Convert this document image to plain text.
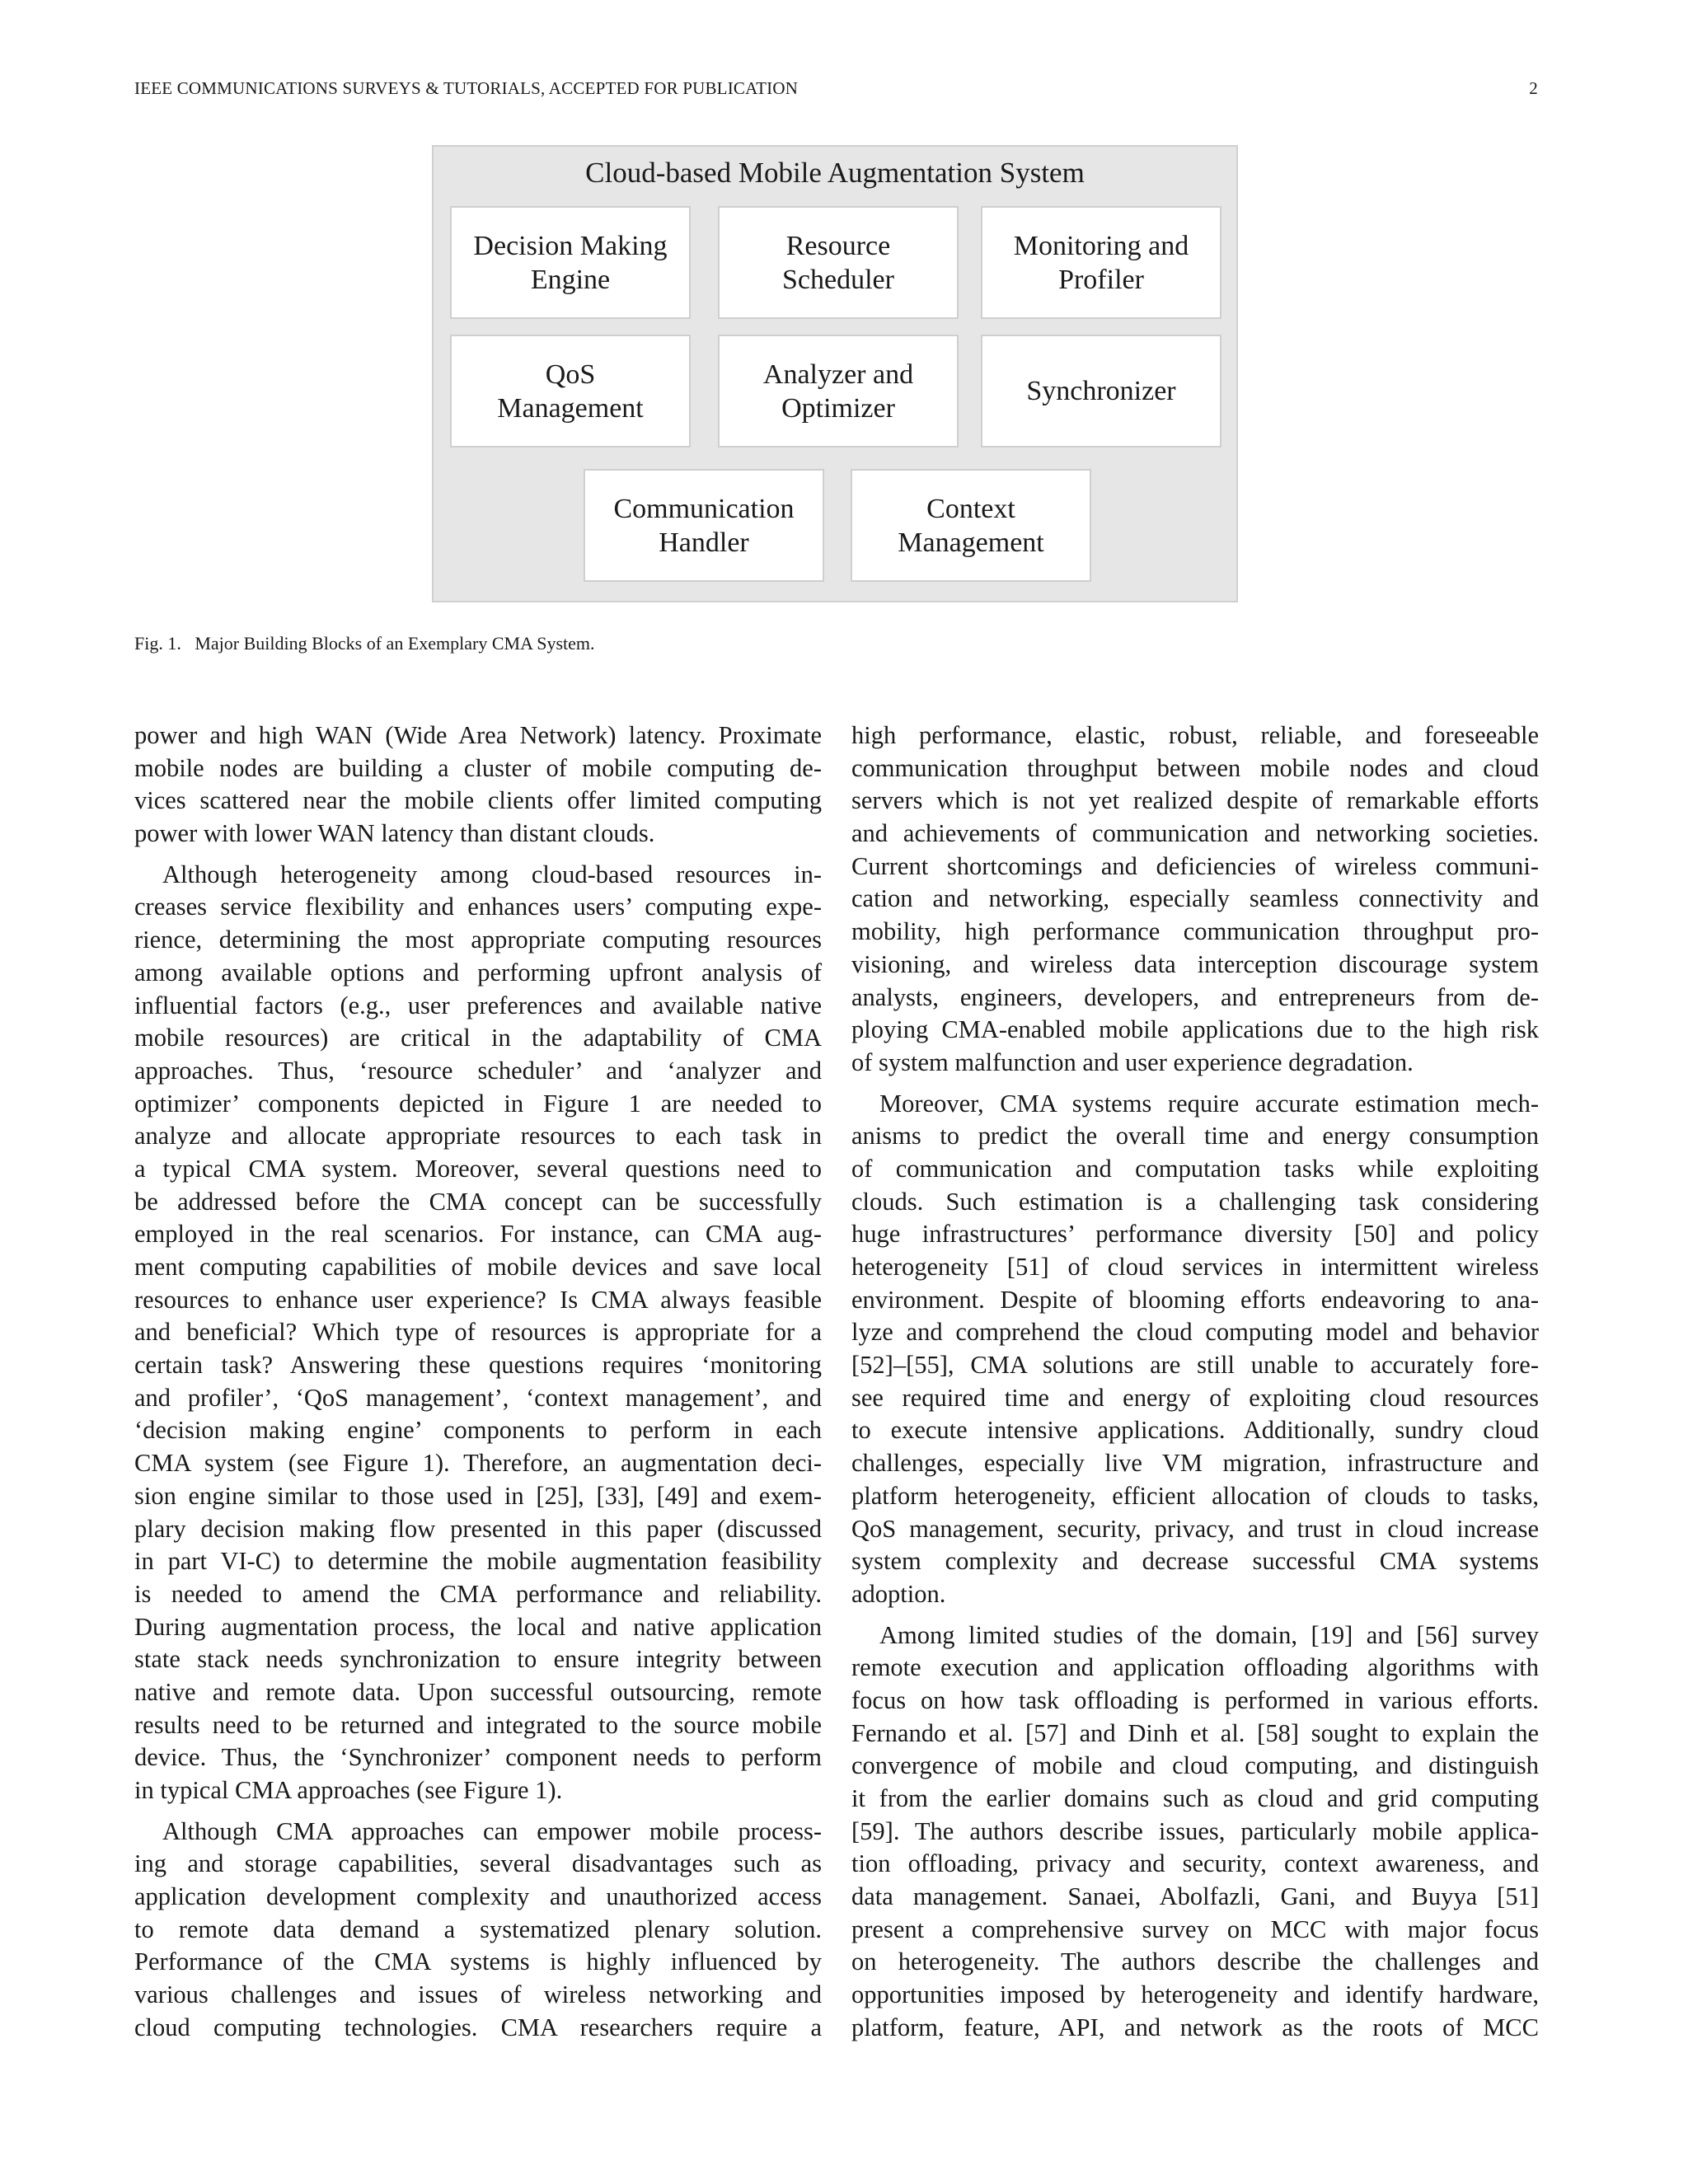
IEEE COMMUNICATIONS SURVEYS & TUTORIALS, ACCEPTED FOR PUBLICATION	2
Cloud-based Mobile Augmentation System
Decision Making
Engine
Resource
Scheduler
Monitoring and
Profiler
QoS
Management
Analyzer and
Optimizer
Synchronizer
Communication
Handler
Context
Management
Fig. 1.   Major Building Blocks of an Exemplary CMA System.
power and high WAN (Wide Area Network) latency. Proximate
mobile nodes are building a cluster of mobile computing de-
vices scattered near the mobile clients offer limited computing
power with lower WAN latency than distant clouds.
Although heterogeneity among cloud-based resources in-
creases service flexibility and enhances users’ computing expe-
rience, determining the most appropriate computing resources
among available options and performing upfront analysis of
influential factors (e.g., user preferences and available native
mobile resources) are critical in the adaptability of CMA
approaches. Thus, ‘resource scheduler’ and ‘analyzer and
optimizer’ components depicted in Figure 1 are needed to
analyze and allocate appropriate resources to each task in
a typical CMA system. Moreover, several questions need to
be addressed before the CMA concept can be successfully
employed in the real scenarios. For instance, can CMA aug-
ment computing capabilities of mobile devices and save local
resources to enhance user experience? Is CMA always feasible
and beneficial? Which type of resources is appropriate for a
certain task? Answering these questions requires ‘monitoring
and profiler’, ‘QoS management’, ‘context management’, and
‘decision making engine’ components to perform in each
CMA system (see Figure 1). Therefore, an augmentation deci-
sion engine similar to those used in [25], [33], [49] and exem-
plary decision making flow presented in this paper (discussed
in part VI-C) to determine the mobile augmentation feasibility
is needed to amend the CMA performance and reliability.
During augmentation process, the local and native application
state stack needs synchronization to ensure integrity between
native and remote data. Upon successful outsourcing, remote
results need to be returned and integrated to the source mobile
device. Thus, the ‘Synchronizer’ component needs to perform
in typical CMA approaches (see Figure 1).
Although CMA approaches can empower mobile process-
ing and storage capabilities, several disadvantages such as
application development complexity and unauthorized access
to remote data demand a systematized plenary solution.
Performance of the CMA systems is highly influenced by
various challenges and issues of wireless networking and
cloud computing technologies. CMA researchers require a
high performance, elastic, robust, reliable, and foreseeable
communication throughput between mobile nodes and cloud
servers which is not yet realized despite of remarkable efforts
and achievements of communication and networking societies.
Current shortcomings and deficiencies of wireless communi-
cation and networking, especially seamless connectivity and
mobility, high performance communication throughput pro-
visioning, and wireless data interception discourage system
analysts, engineers, developers, and entrepreneurs from de-
ploying CMA-enabled mobile applications due to the high risk
of system malfunction and user experience degradation.
Moreover, CMA systems require accurate estimation mech-
anisms to predict the overall time and energy consumption
of communication and computation tasks while exploiting
clouds. Such estimation is a challenging task considering
huge infrastructures’ performance diversity [50] and policy
heterogeneity [51] of cloud services in intermittent wireless
environment. Despite of blooming efforts endeavoring to ana-
lyze and comprehend the cloud computing model and behavior
[52]–[55], CMA solutions are still unable to accurately fore-
see required time and energy of exploiting cloud resources
to execute intensive applications. Additionally, sundry cloud
challenges, especially live VM migration, infrastructure and
platform heterogeneity, efficient allocation of clouds to tasks,
QoS management, security, privacy, and trust in cloud increase
system complexity and decrease successful CMA systems
adoption.
Among limited studies of the domain, [19] and [56] survey
remote execution and application offloading algorithms with
focus on how task offloading is performed in various efforts.
Fernando et al. [57] and Dinh et al. [58] sought to explain the
convergence of mobile and cloud computing, and distinguish
it from the earlier domains such as cloud and grid computing
[59]. The authors describe issues, particularly mobile applica-
tion offloading, privacy and security, context awareness, and
data management. Sanaei, Abolfazli, Gani, and Buyya [51]
present a comprehensive survey on MCC with major focus
on heterogeneity. The authors describe the challenges and
opportunities imposed by heterogeneity and identify hardware,
platform, feature, API, and network as the roots of MCC
